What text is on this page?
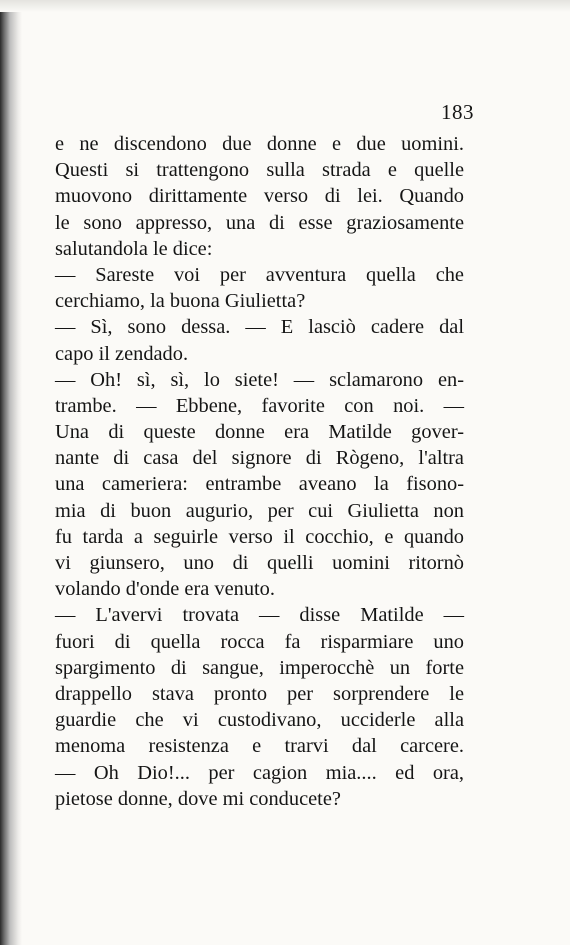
183
e ne discendono due donne e due uomini.
Questi si trattengono sulla strada e quelle
muovono dirittamente verso di lei. Quando
le sono appresso, una di esse graziosamente
salutandola le dice:
— Sareste voi per avventura quella che
cerchiamo, la buona Giulietta?
— Sì, sono dessa. — E lasciò cadere dal
capo il zendado.
— Oh! sì, sì, lo siete! — sclamarono en-
trambe. — Ebbene, favorite con noi. —
Una di queste donne era Matilde gover-
nante di casa del signore di Rògeno, l'altra
una cameriera: entrambe aveano la fisono-
mia di buon augurio, per cui Giulietta non
fu tarda a seguirle verso il cocchio, e quando
vi giunsero, uno di quelli uomini ritornò
volando d'onde era venuto.
— L'avervi trovata — disse Matilde —
fuori di quella rocca fa risparmiare uno
spargimento di sangue, imperocchè un forte
drappello stava pronto per sorprendere le
guardie che vi custodivano, ucciderle alla
menoma resistenza e trarvi dal carcere.
— Oh Dio!... per cagion mia.... ed ora,
pietose donne, dove mi conducete?
